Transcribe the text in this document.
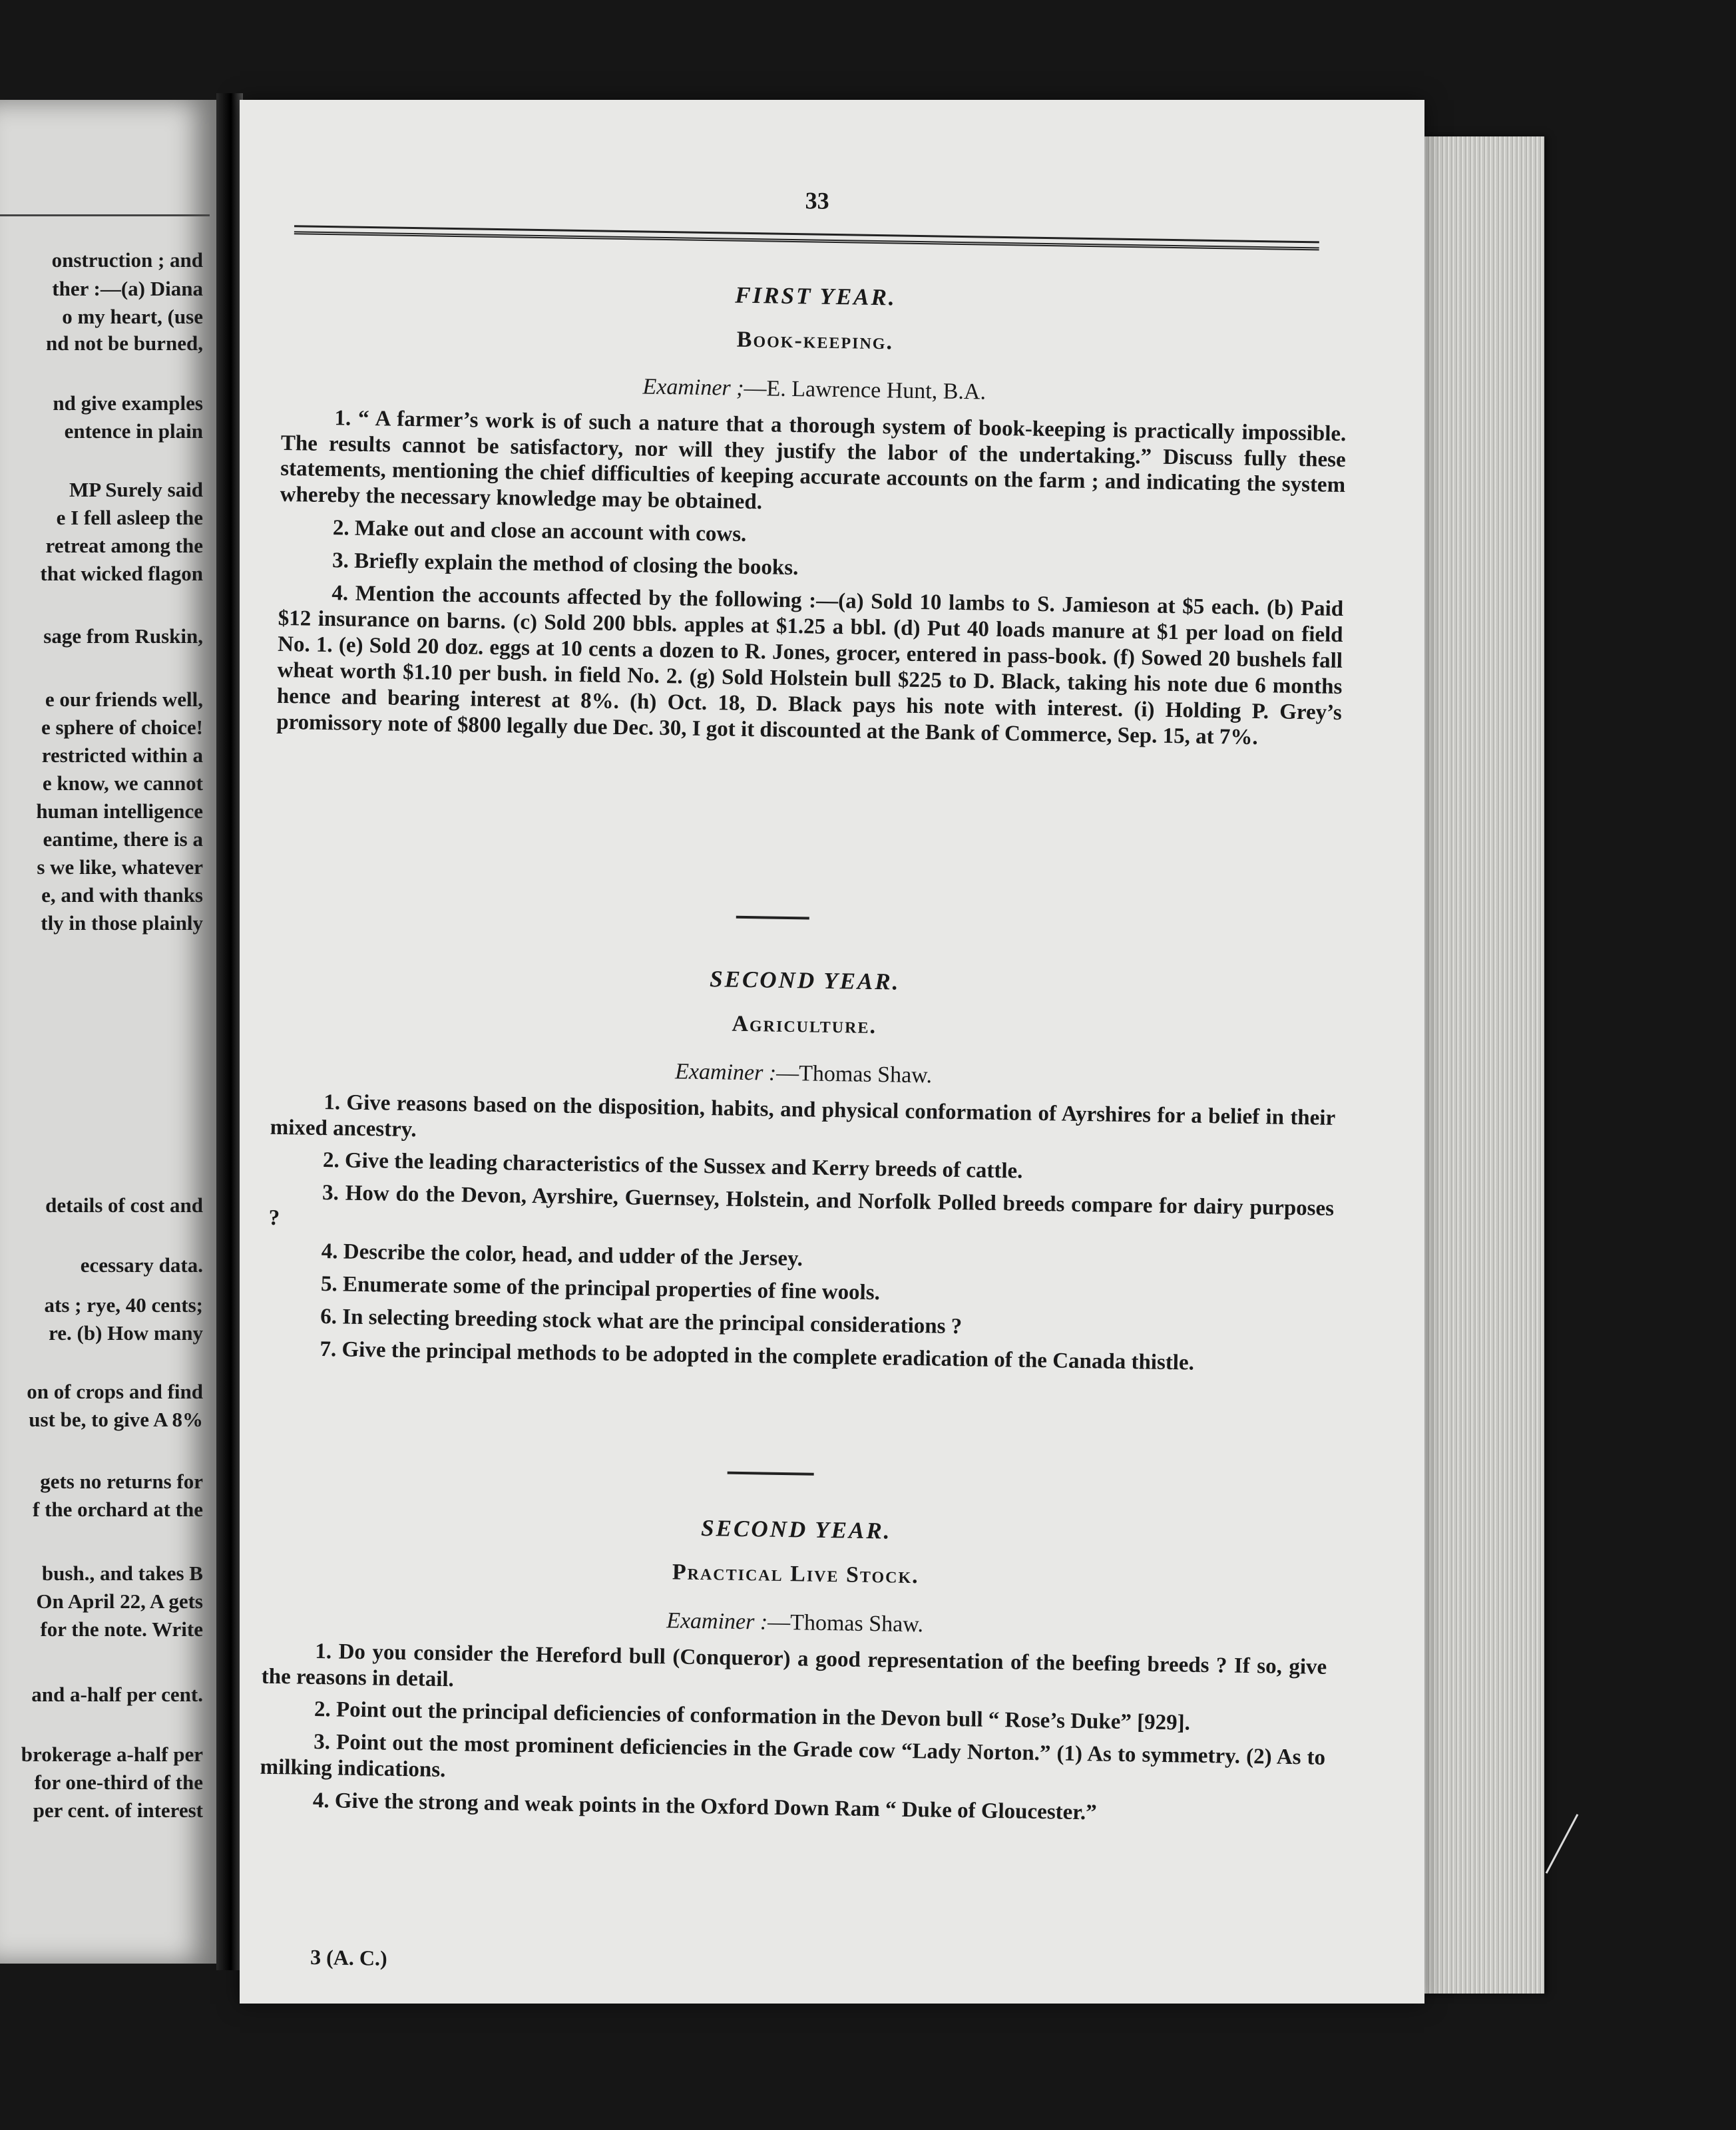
onstruction ; and
ther :—(a) Diana
o my heart, (use
nd not be burned,
nd give examples
entence in plain
MP Surely said
e I fell asleep the
retreat among the
that wicked flagon
sage from Ruskin,
e our friends well,
e sphere of choice!
restricted within a
e know, we cannot
human intelligence
eantime, there is a
s we like, whatever
e, and with thanks
tly in those plainly
details of cost and
ecessary data.
ats ; rye, 40 cents;
re. (b) How many
on of crops and find
ust be, to give A 8%
gets no returns for
f the orchard at the
bush., and takes B
On April 22, A gets
for the note. Write
and a-half per cent.
brokerage a-half per
for one-third of the
per cent. of interest
33

FIRST YEAR.

Book-keeping.

Examiner ;—E. Lawrence Hunt, B.A.

1. “ A farmer’s work is of such a nature that a thorough system of book-keeping is practically impossible. The results cannot be satisfactory, nor will they justify the labor of the undertaking.” Discuss fully these statements, mentioning the chief difficulties of keeping accurate accounts on the farm ; and indicating the system whereby the necessary knowledge may be obtained.

2. Make out and close an account with cows.

3. Briefly explain the method of closing the books.

4. Mention the accounts affected by the following :—(a) Sold 10 lambs to S. Jamieson at $5 each. (b) Paid $12 insurance on barns. (c) Sold 200 bbls. apples at $1.25 a bbl. (d) Put 40 loads manure at $1 per load on field No. 1. (e) Sold 20 doz. eggs at 10 cents a dozen to R. Jones, grocer, entered in pass-book. (f) Sowed 20 bushels fall wheat worth $1.10 per bush. in field No. 2. (g) Sold Holstein bull $225 to D. Black, taking his note due 6 months hence and bearing interest at 8%. (h) Oct. 18, D. Black pays his note with interest. (i) Holding P. Grey’s promissory note of $800 legally due Dec. 30, I got it discounted at the Bank of Commerce, Sep. 15, at 7%.

SECOND YEAR.

Agriculture.

Examiner :—Thomas Shaw.

1. Give reasons based on the disposition, habits, and physical conformation of Ayrshires for a belief in their mixed ancestry.

2. Give the leading characteristics of the Sussex and Kerry breeds of cattle.

3. How do the Devon, Ayrshire, Guernsey, Holstein, and Norfolk Polled breeds compare for dairy purposes ?

4. Describe the color, head, and udder of the Jersey.

5. Enumerate some of the principal properties of fine wools.

6. In selecting breeding stock what are the principal considerations ?

7. Give the principal methods to be adopted in the complete eradication of the Canada thistle.

SECOND YEAR.

Practical Live Stock.

Examiner :—Thomas Shaw.

1. Do you consider the Hereford bull (Conqueror) a good representation of the beefing breeds ? If so, give the reasons in detail.

2. Point out the principal deficiencies of conformation in the Devon bull “ Rose’s Duke” [929].

3. Point out the most prominent deficiencies in the Grade cow “Lady Norton.” (1) As to symmetry. (2) As to milking indications.

4. Give the strong and weak points in the Oxford Down Ram “ Duke of Gloucester.”

3 (A. C.)
